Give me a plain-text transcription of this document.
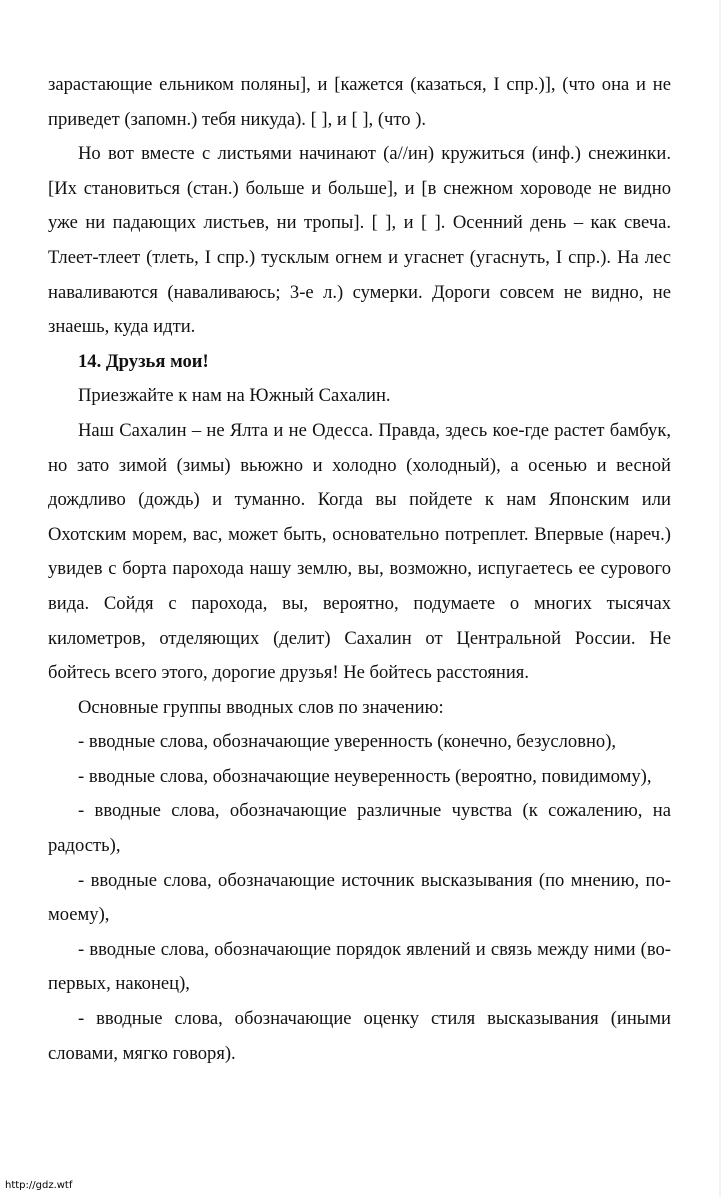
зарастающие ельником поляны], и [кажется (казаться, I спр.)], (что она и не приведет (запомн.) тебя никуда). [ ], и [ ], (что ).

Но вот вместе с листьями начинают (а//ин) кружиться (инф.) снежинки. [Их становиться (стан.) больше и больше], и [в снежном хороводе не видно уже ни падающих листьев, ни тропы]. [ ], и [ ]. Осенний день – как свеча. Тлеет-тлеет (тлеть, I спр.) тусклым огнем и угаснет (угаснуть, I спр.). На лес наваливаются (наваливаюсь; 3-е л.) сумерки. Дороги совсем не видно, не знаешь, куда идти.

14. Друзья мои!

Приезжайте к нам на Южный Сахалин.

Наш Сахалин – не Ялта и не Одесса. Правда, здесь кое-где растет бамбук, но зато зимой (зимы) вьюжно и холодно (холодный), а осенью и весной дождливо (дождь) и туманно. Когда вы пойдете к нам Японским или Охотским морем, вас, может быть, основательно потреплет. Впервые (нареч.) увидев с борта парохода нашу землю, вы, возможно, испугаетесь ее сурового вида. Сойдя с парохода, вы, вероятно, подумаете о многих тысячах километров, отделяющих (делит) Сахалин от Центральной России. Не бойтесь всего этого, дорогие друзья! Не бойтесь расстояния.

Основные группы вводных слов по значению:

- вводные слова, обозначающие уверенность (конечно, безусловно),

- вводные слова, обозначающие неуверенность (вероятно, повидимому),

- вводные слова, обозначающие различные чувства (к сожалению, на радость),

- вводные слова, обозначающие источник высказывания (по мнению, по-моему),

- вводные слова, обозначающие порядок явлений и связь между ними (во-первых, наконец),

- вводные слова, обозначающие оценку стиля высказывания (иными словами, мягко говоря).

http://gdz.wtf
